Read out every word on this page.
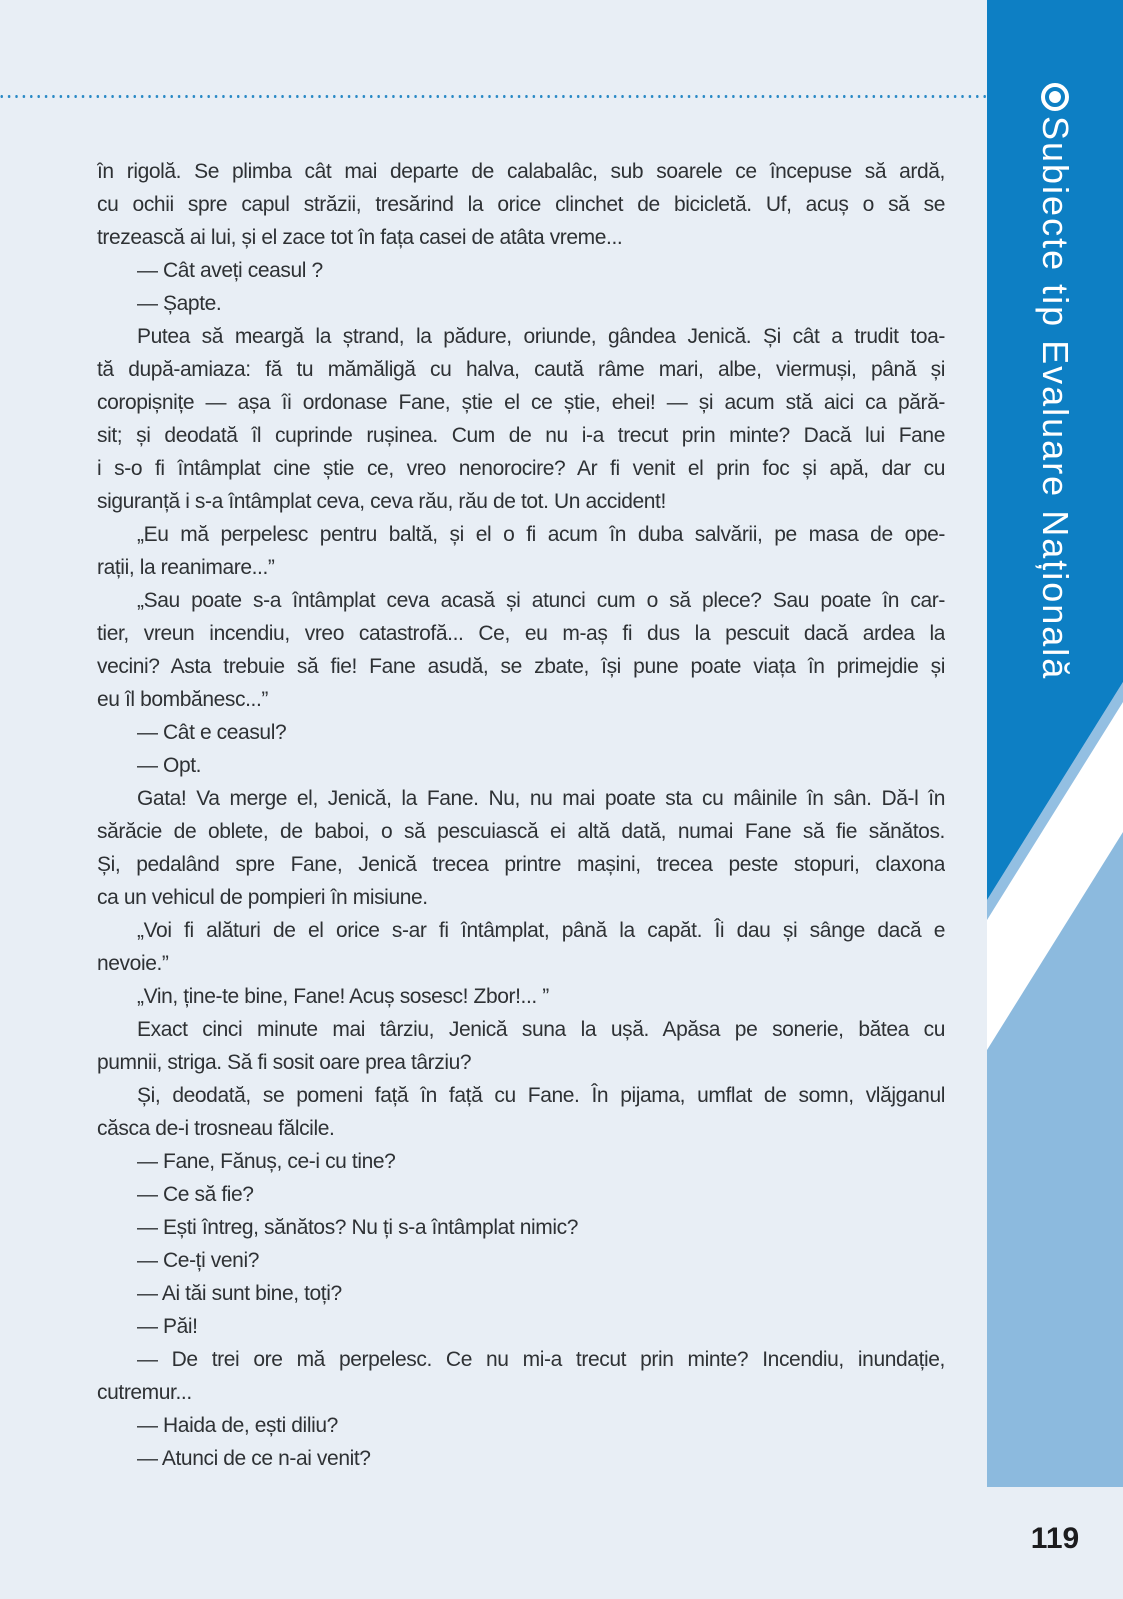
Subiecte tip Evaluare Națională
în rigolă. Se plimba cât mai departe de calabalâc, sub soarele ce începuse să ardă,
cu ochii spre capul străzii, tresărind la orice clinchet de bicicletă. Uf, acuș o să se
trezească ai lui, și el zace tot în fața casei de atâta vreme...
— Cât aveți ceasul ?
— Șapte.
Putea să meargă la ștrand, la pădure, oriunde, gândea Jenică. Și cât a trudit toa-
tă după-amiaza: fă tu mămăligă cu halva, caută râme mari, albe, viermuși, până și
coropișnițe — așa îi ordonase Fane, știe el ce știe, ehei! — și acum stă aici ca pără-
sit; și deodată îl cuprinde rușinea. Cum de nu i-a trecut prin minte? Dacă lui Fane
i s-o fi întâmplat cine știe ce, vreo nenorocire? Ar fi venit el prin foc și apă, dar cu
siguranță i s-a întâmplat ceva, ceva rău, rău de tot. Un accident!
„Eu mă perpelesc pentru baltă, și el o fi acum în duba salvării, pe masa de ope-
rații, la reanimare...”
„Sau poate s-a întâmplat ceva acasă și atunci cum o să plece? Sau poate în car-
tier, vreun incendiu, vreo catastrofă... Ce, eu m-aș fi dus la pescuit dacă ardea la
vecini? Asta trebuie să fie! Fane asudă, se zbate, își pune poate viața în primejdie și
eu îl bombănesc...”
— Cât e ceasul?
— Opt.
Gata! Va merge el, Jenică, la Fane. Nu, nu mai poate sta cu mâinile în sân. Dă-l în
sărăcie de oblete, de baboi, o să pescuiască ei altă dată, numai Fane să fie sănătos.
Și, pedalând spre Fane, Jenică trecea printre mașini, trecea peste stopuri, claxona
ca un vehicul de pompieri în misiune.
„Voi fi alături de el orice s-ar fi întâmplat, până la capăt. Îi dau și sânge dacă e
nevoie.”
„Vin, ține-te bine, Fane! Acuș sosesc! Zbor!... ”
Exact cinci minute mai târziu, Jenică suna la ușă. Apăsa pe sonerie, bătea cu
pumnii, striga. Să fi sosit oare prea târziu?
Și, deodată, se pomeni față în față cu Fane. În pijama, umflat de somn, vlăjganul
căsca de-i trosneau fălcile.
— Fane, Fănuș, ce-i cu tine?
— Ce să fie?
— Ești întreg, sănătos? Nu ți s-a întâmplat nimic?
— Ce-ți veni?
— Ai tăi sunt bine, toți?
— Păi!
— De trei ore mă perpelesc. Ce nu mi-a trecut prin minte? Incendiu, inundație,
cutremur...
— Haida de, ești diliu?
— Atunci de ce n-ai venit?
119
